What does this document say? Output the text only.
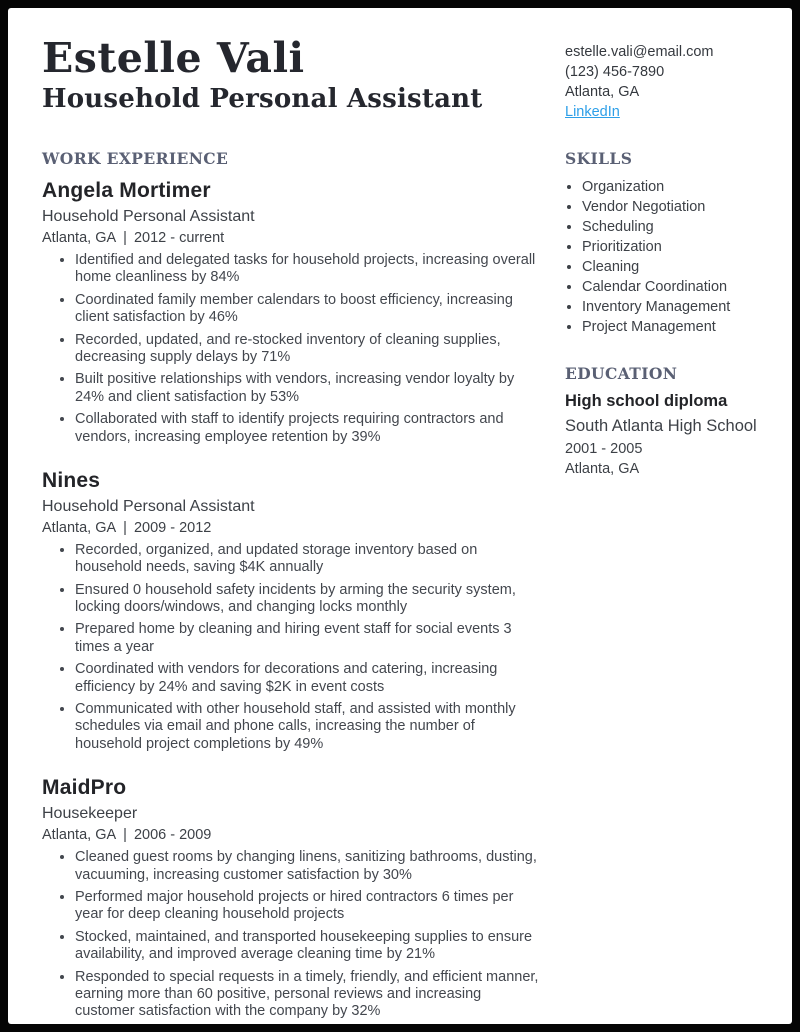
Estelle Vali
Household Personal Assistant
estelle.vali@email.com
(123) 456-7890
Atlanta, GA
LinkedIn
WORK EXPERIENCE
Angela Mortimer
Household Personal Assistant
Atlanta, GA | 2012 - current
• Identified and delegated tasks for household projects, increasing overall home cleanliness by 84%
• Coordinated family member calendars to boost efficiency, increasing client satisfaction by 46%
• Recorded, updated, and re-stocked inventory of cleaning supplies, decreasing supply delays by 71%
• Built positive relationships with vendors, increasing vendor loyalty by 24% and client satisfaction by 53%
• Collaborated with staff to identify projects requiring contractors and vendors, increasing employee retention by 39%
Nines
Household Personal Assistant
Atlanta, GA | 2009 - 2012
• Recorded, organized, and updated storage inventory based on household needs, saving $4K annually
• Ensured 0 household safety incidents by arming the security system, locking doors/windows, and changing locks monthly
• Prepared home by cleaning and hiring event staff for social events 3 times a year
• Coordinated with vendors for decorations and catering, increasing efficiency by 24% and saving $2K in event costs
• Communicated with other household staff, and assisted with monthly schedules via email and phone calls, increasing the number of household project completions by 49%
MaidPro
Housekeeper
Atlanta, GA | 2006 - 2009
• Cleaned guest rooms by changing linens, sanitizing bathrooms, dusting, vacuuming, increasing customer satisfaction by 30%
• Performed major household projects or hired contractors 6 times per year for deep cleaning household projects
• Stocked, maintained, and transported housekeeping supplies to ensure availability, and improved average cleaning time by 21%
• Responded to special requests in a timely, friendly, and efficient manner, earning more than 60 positive, personal reviews and increasing customer satisfaction with the company by 32%
SKILLS
• Organization
• Vendor Negotiation
• Scheduling
• Prioritization
• Cleaning
• Calendar Coordination
• Inventory Management
• Project Management
EDUCATION
High school diploma
South Atlanta High School
2001 - 2005
Atlanta, GA
